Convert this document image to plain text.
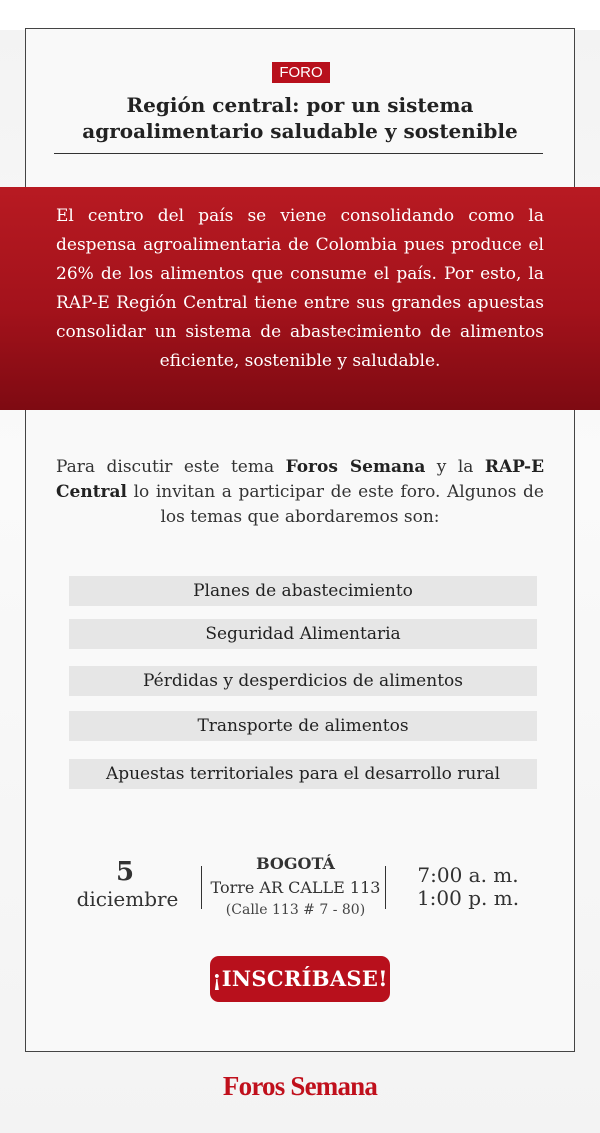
FORO
Región central: por un sistema agroalimentario saludable y sostenible

El centro del país se viene consolidando como la despensa agroalimentaria de Colombia pues produce el 26% de los alimentos que consume el país. Por esto, la RAP-E Región Central tiene entre sus grandes apuestas consolidar un sistema de abastecimiento de alimentos eficiente, sostenible y saludable.

Para discutir este tema Foros Semana y la RAP-E Central lo invitan a participar de este foro. Algunos de los temas que abordaremos son:

Planes de abastecimiento
Seguridad Alimentaria
Pérdidas y desperdicios de alimentos
Transporte de alimentos
Apuestas territoriales para el desarrollo rural
5
diciembre
BOGOTÁ
Torre AR CALLE 113
(Calle 113 # 7 - 80)
7:00 a. m.
1:00 p. m.
¡INSCRÍBASE!
Foros Semana
